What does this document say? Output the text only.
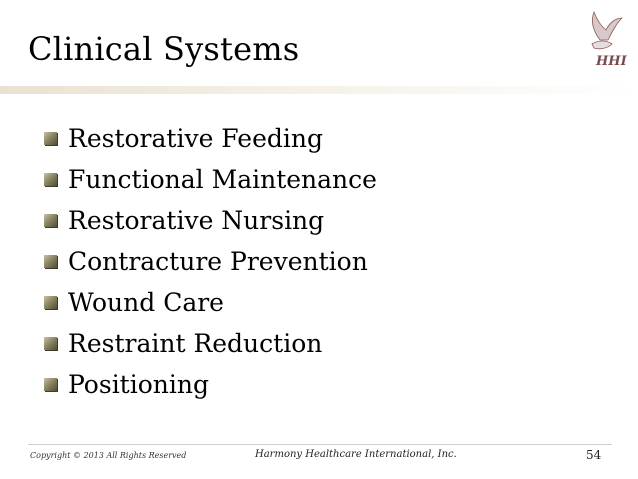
Clinical Systems	HHI
Restorative Feeding
Functional Maintenance
Restorative Nursing
Contracture Prevention
Wound Care
Restraint Reduction
Positioning
Copyright © 2013 All Rights Reserved	Harmony Healthcare International, Inc.	54
